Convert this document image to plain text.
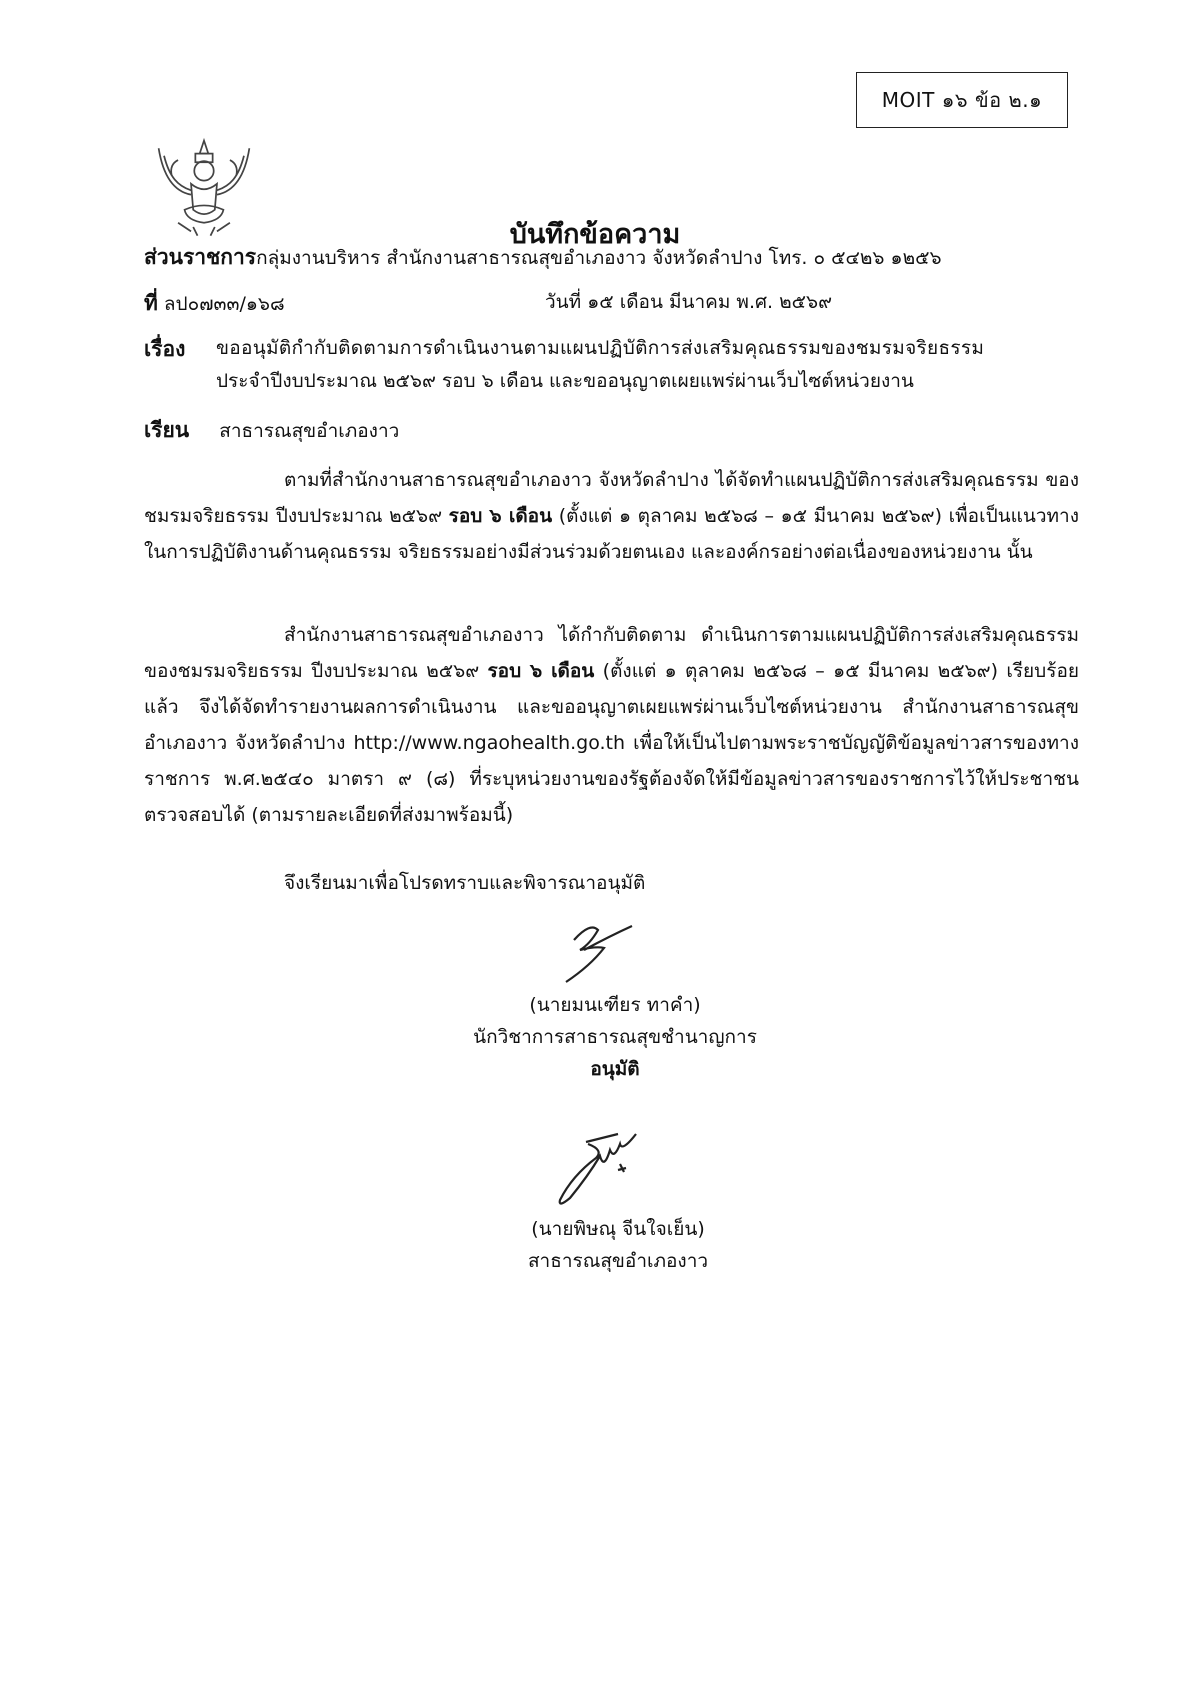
MOIT ๑๖ ข้อ ๒.๑
บันทึกข้อความ
ส่วนราชการกลุ่มงานบริหาร สำนักงานสาธารณสุขอำเภองาว จังหวัดลำปาง โทร. ๐ ๕๔๒๖ ๑๒๕๖
ที่ ลป๐๗๓๓/๑๖๘	วันที่ ๑๕ เดือน มีนาคม พ.ศ. ๒๕๖๙
เรื่อง ขออนุมัติกำกับติดตามการดำเนินงานตามแผนปฏิบัติการส่งเสริมคุณธรรมของชมรมจริยธรรม
ประจำปีงบประมาณ ๒๕๖๙ รอบ ๖ เดือน และขออนุญาตเผยแพร่ผ่านเว็บไซต์หน่วยงาน
เรียน สาธารณสุขอำเภองาว
ตามที่สำนักงานสาธารณสุขอำเภองาว จังหวัดลำปาง ได้จัดทำแผนปฏิบัติการส่งเสริมคุณธรรม ของชมรมจริยธรรม ปีงบประมาณ ๒๕๖๙ รอบ ๖ เดือน (ตั้งแต่ ๑ ตุลาคม ๒๕๖๘ – ๑๕ มีนาคม ๒๕๖๙) เพื่อเป็นแนวทางในการปฏิบัติงานด้านคุณธรรม จริยธรรมอย่างมีส่วนร่วมด้วยตนเอง และองค์กรอย่างต่อเนื่องของหน่วยงาน นั้น
สำนักงานสาธารณสุขอำเภองาว ได้กำกับติดตาม ดำเนินการตามแผนปฏิบัติการส่งเสริมคุณธรรม ของชมรมจริยธรรม ปีงบประมาณ ๒๕๖๙ รอบ ๖ เดือน (ตั้งแต่ ๑ ตุลาคม ๒๕๖๘ – ๑๕ มีนาคม ๒๕๖๙) เรียบร้อยแล้ว จึงได้จัดทำรายงานผลการดำเนินงาน และขออนุญาตเผยแพร่ผ่านเว็บไซต์หน่วยงาน สำนักงานสาธารณสุข อำเภองาว จังหวัดลำปาง http://www.ngaohealth.go.th เพื่อให้เป็นไปตามพระราชบัญญัติข้อมูลข่าวสารของทางราชการ พ.ศ.๒๕๔๐ มาตรา ๙ (๘) ที่ระบุหน่วยงานของรัฐต้องจัดให้มีข้อมูลข่าวสารของราชการไว้ให้ประชาชนตรวจสอบได้ (ตามรายละเอียดที่ส่งมาพร้อมนี้)
จึงเรียนมาเพื่อโปรดทราบและพิจารณาอนุมัติ
(นายมนเฑียร ทาคำ)
นักวิชาการสาธารณสุขชำนาญการ
อนุมัติ
(นายพิษณุ จีนใจเย็น)
สาธารณสุขอำเภองาว
